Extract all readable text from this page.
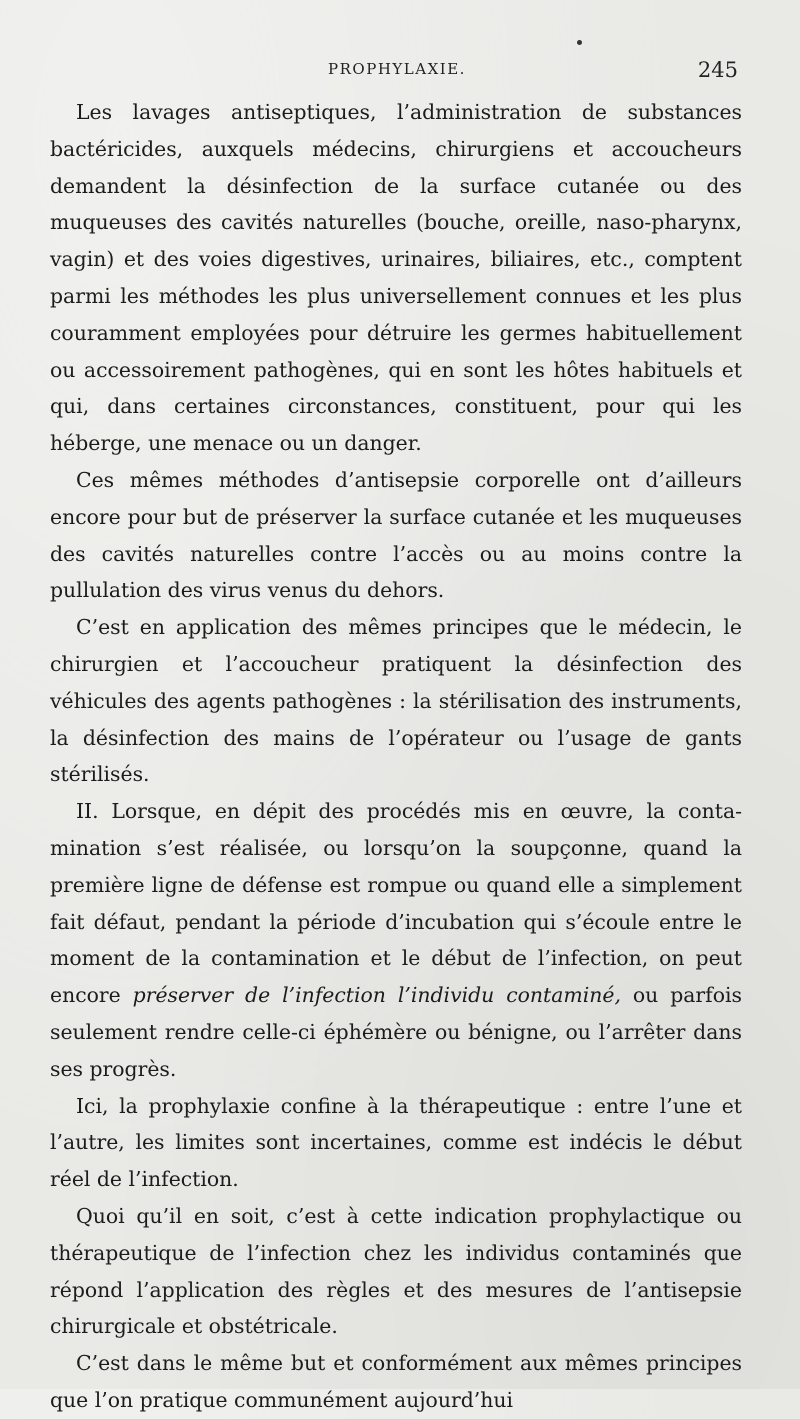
PROPHYLAXIE.	245

Les lavages antiseptiques, l’administration de substances bactéricides, auxquels médecins, chirurgiens et accoucheurs demandent la désinfection de la surface cutanée ou des muqueuses des cavités naturelles (bouche, oreille, naso-pharynx, vagin) et des voies digestives, urinaires, biliaires, etc., comptent parmi les méthodes les plus universellement connues et les plus couramment employées pour détruire les germes habituellement ou accessoirement pathogènes, qui en sont les hôtes habituels et qui, dans certaines circonstances, constituent, pour qui les héberge, une menace ou un danger.

Ces mêmes méthodes d’antisepsie corporelle ont d’ailleurs encore pour but de préserver la surface cutanée et les muqueuses des cavités naturelles contre l’accès ou au moins contre la pullulation des virus venus du dehors.

C’est en application des mêmes principes que le médecin, le chirurgien et l’accoucheur pratiquent la désinfection des véhicules des agents pathogènes : la stérilisation des instruments, la désinfection des mains de l’opérateur ou l’usage de gants stérilisés.

II. Lorsque, en dépit des procédés mis en œuvre, la contamination s’est réalisée, ou lorsqu’on la soupçonne, quand la première ligne de défense est rompue ou quand elle a simplement fait défaut, pendant la période d’incubation qui s’écoule entre le moment de la contamination et le début de l’infection, on peut encore préserver de l’infection l’individu contaminé, ou parfois seulement rendre celle-ci éphémère ou bénigne, ou l’arrêter dans ses progrès.

Ici, la prophylaxie confine à la thérapeutique : entre l’une et l’autre, les limites sont incertaines, comme est indécis le début réel de l’infection.

Quoi qu’il en soit, c’est à cette indication prophylactique ou thérapeutique de l’infection chez les individus contaminés que répond l’application des règles et des mesures de l’antisepsie chirurgicale et obstétricale.

C’est dans le même but et conformément aux mêmes principes que l’on pratique communément aujourd’hui
